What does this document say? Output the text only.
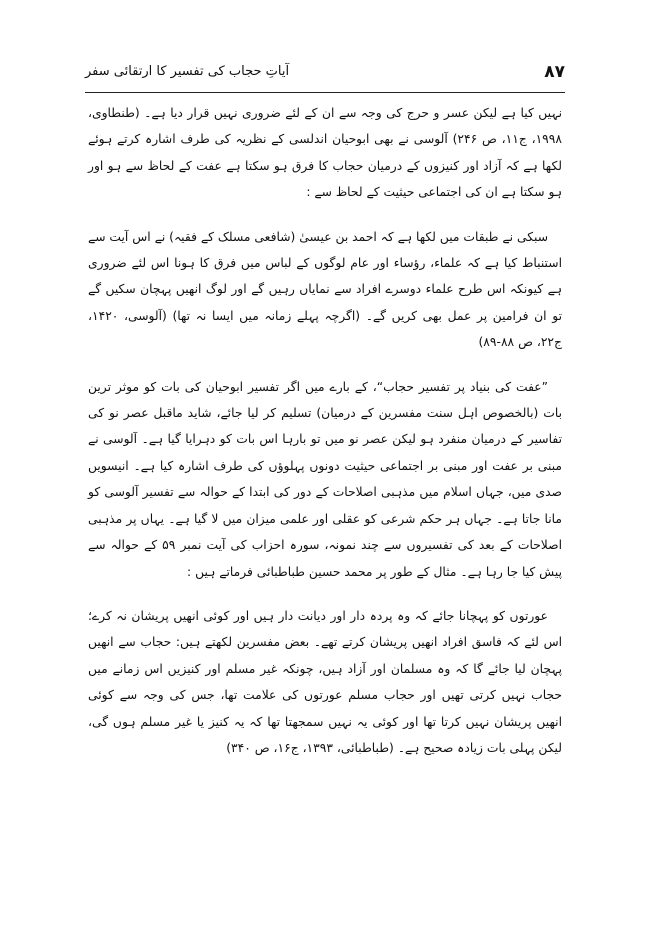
۸۷
آیاتِ حجاب کی تفسیر کا ارتقائی سفر

نہیں کیا ہے لیکن عسر و حرج کی وجہ سے ان کے لئے ضروری نہیں قرار دیا ہے۔ (طنطاوی، ۱۹۹۸، ج۱۱، ص ۲۴۶) آلوسی نے بھی ابوحیان اندلسی کے نظریہ کی طرف اشارہ کرتے ہوئے لکھا ہے کہ آزاد اور کنیزوں کے درمیان حجاب کا فرق ہو سکتا ہے عفت کے لحاظ سے ہو اور ہو سکتا ہے ان کی اجتماعی حیثیت کے لحاظ سے :

سبکی نے طبقات میں لکھا ہے کہ احمد بن عیسیٰ (شافعی مسلک کے فقیہ) نے اس آیت سے استنباط کیا ہے کہ علماء، رؤساء اور عام لوگوں کے لباس میں فرق کا ہونا اس لئے ضروری ہے کیونکہ اس طرح علماء دوسرے افراد سے نمایاں رہیں گے اور لوگ انھیں پہچان سکیں گے تو ان فرامین پر عمل بھی کریں گے۔ (اگرچہ پہلے زمانہ میں ایسا نہ تھا) (آلوسی، ۱۴۲۰، ج۲۲، ص ۸۸-۸۹)

”عفت کی بنیاد پر تفسیر حجاب“، کے بارے میں اگر تفسیر ابوحیان کی بات کو موثر ترین بات (بالخصوص اہل سنت مفسرین کے درمیان) تسلیم کر لیا جائے، شاید ماقبل عصر نو کی تفاسیر کے درمیان منفرد ہو لیکن عصر نو میں تو بارہا اس بات کو دہرایا گیا ہے۔ آلوسی نے مبنی بر عفت اور مبنی بر اجتماعی حیثیت دونوں پہلوؤں کی طرف اشارہ کیا ہے۔ انیسویں صدی میں، جہاں اسلام میں مذہبی اصلاحات کے دور کی ابتدا کے حوالہ سے تفسیر آلوسی کو مانا جاتا ہے۔ جہاں ہر حکم شرعی کو عقلی اور علمی میزان میں لا گیا ہے۔ یہاں پر مذہبی اصلاحات کے بعد کی تفسیروں سے چند نمونہ، سورہ احزاب کی آیت نمبر ۵۹ کے حوالہ سے پیش کیا جا رہا ہے۔ مثال کے طور پر محمد حسین طباطبائی فرماتے ہیں :

عورتوں کو پہچانا جائے کہ وہ پردہ دار اور دیانت دار ہیں اور کوئی انھیں پریشان نہ کرے؛ اس لئے کہ فاسق افراد انھیں پریشان کرتے تھے۔ بعض مفسرین لکھتے ہیں: حجاب سے انھیں پہچان لیا جائے گا کہ وہ مسلمان اور آزاد ہیں، چونکہ غیر مسلم اور کنیزیں اس زمانے میں حجاب نہیں کرتی تھیں اور حجاب مسلم عورتوں کی علامت تھا، جس کی وجہ سے کوئی انھیں پریشان نہیں کرتا تھا اور کوئی یہ نہیں سمجھتا تھا کہ یہ کنیز یا غیر مسلم ہوں گی، لیکن پہلی بات زیادہ صحیح ہے۔ (طباطبائی، ۱۳۹۳، ج۱۶، ص ۳۴۰)
